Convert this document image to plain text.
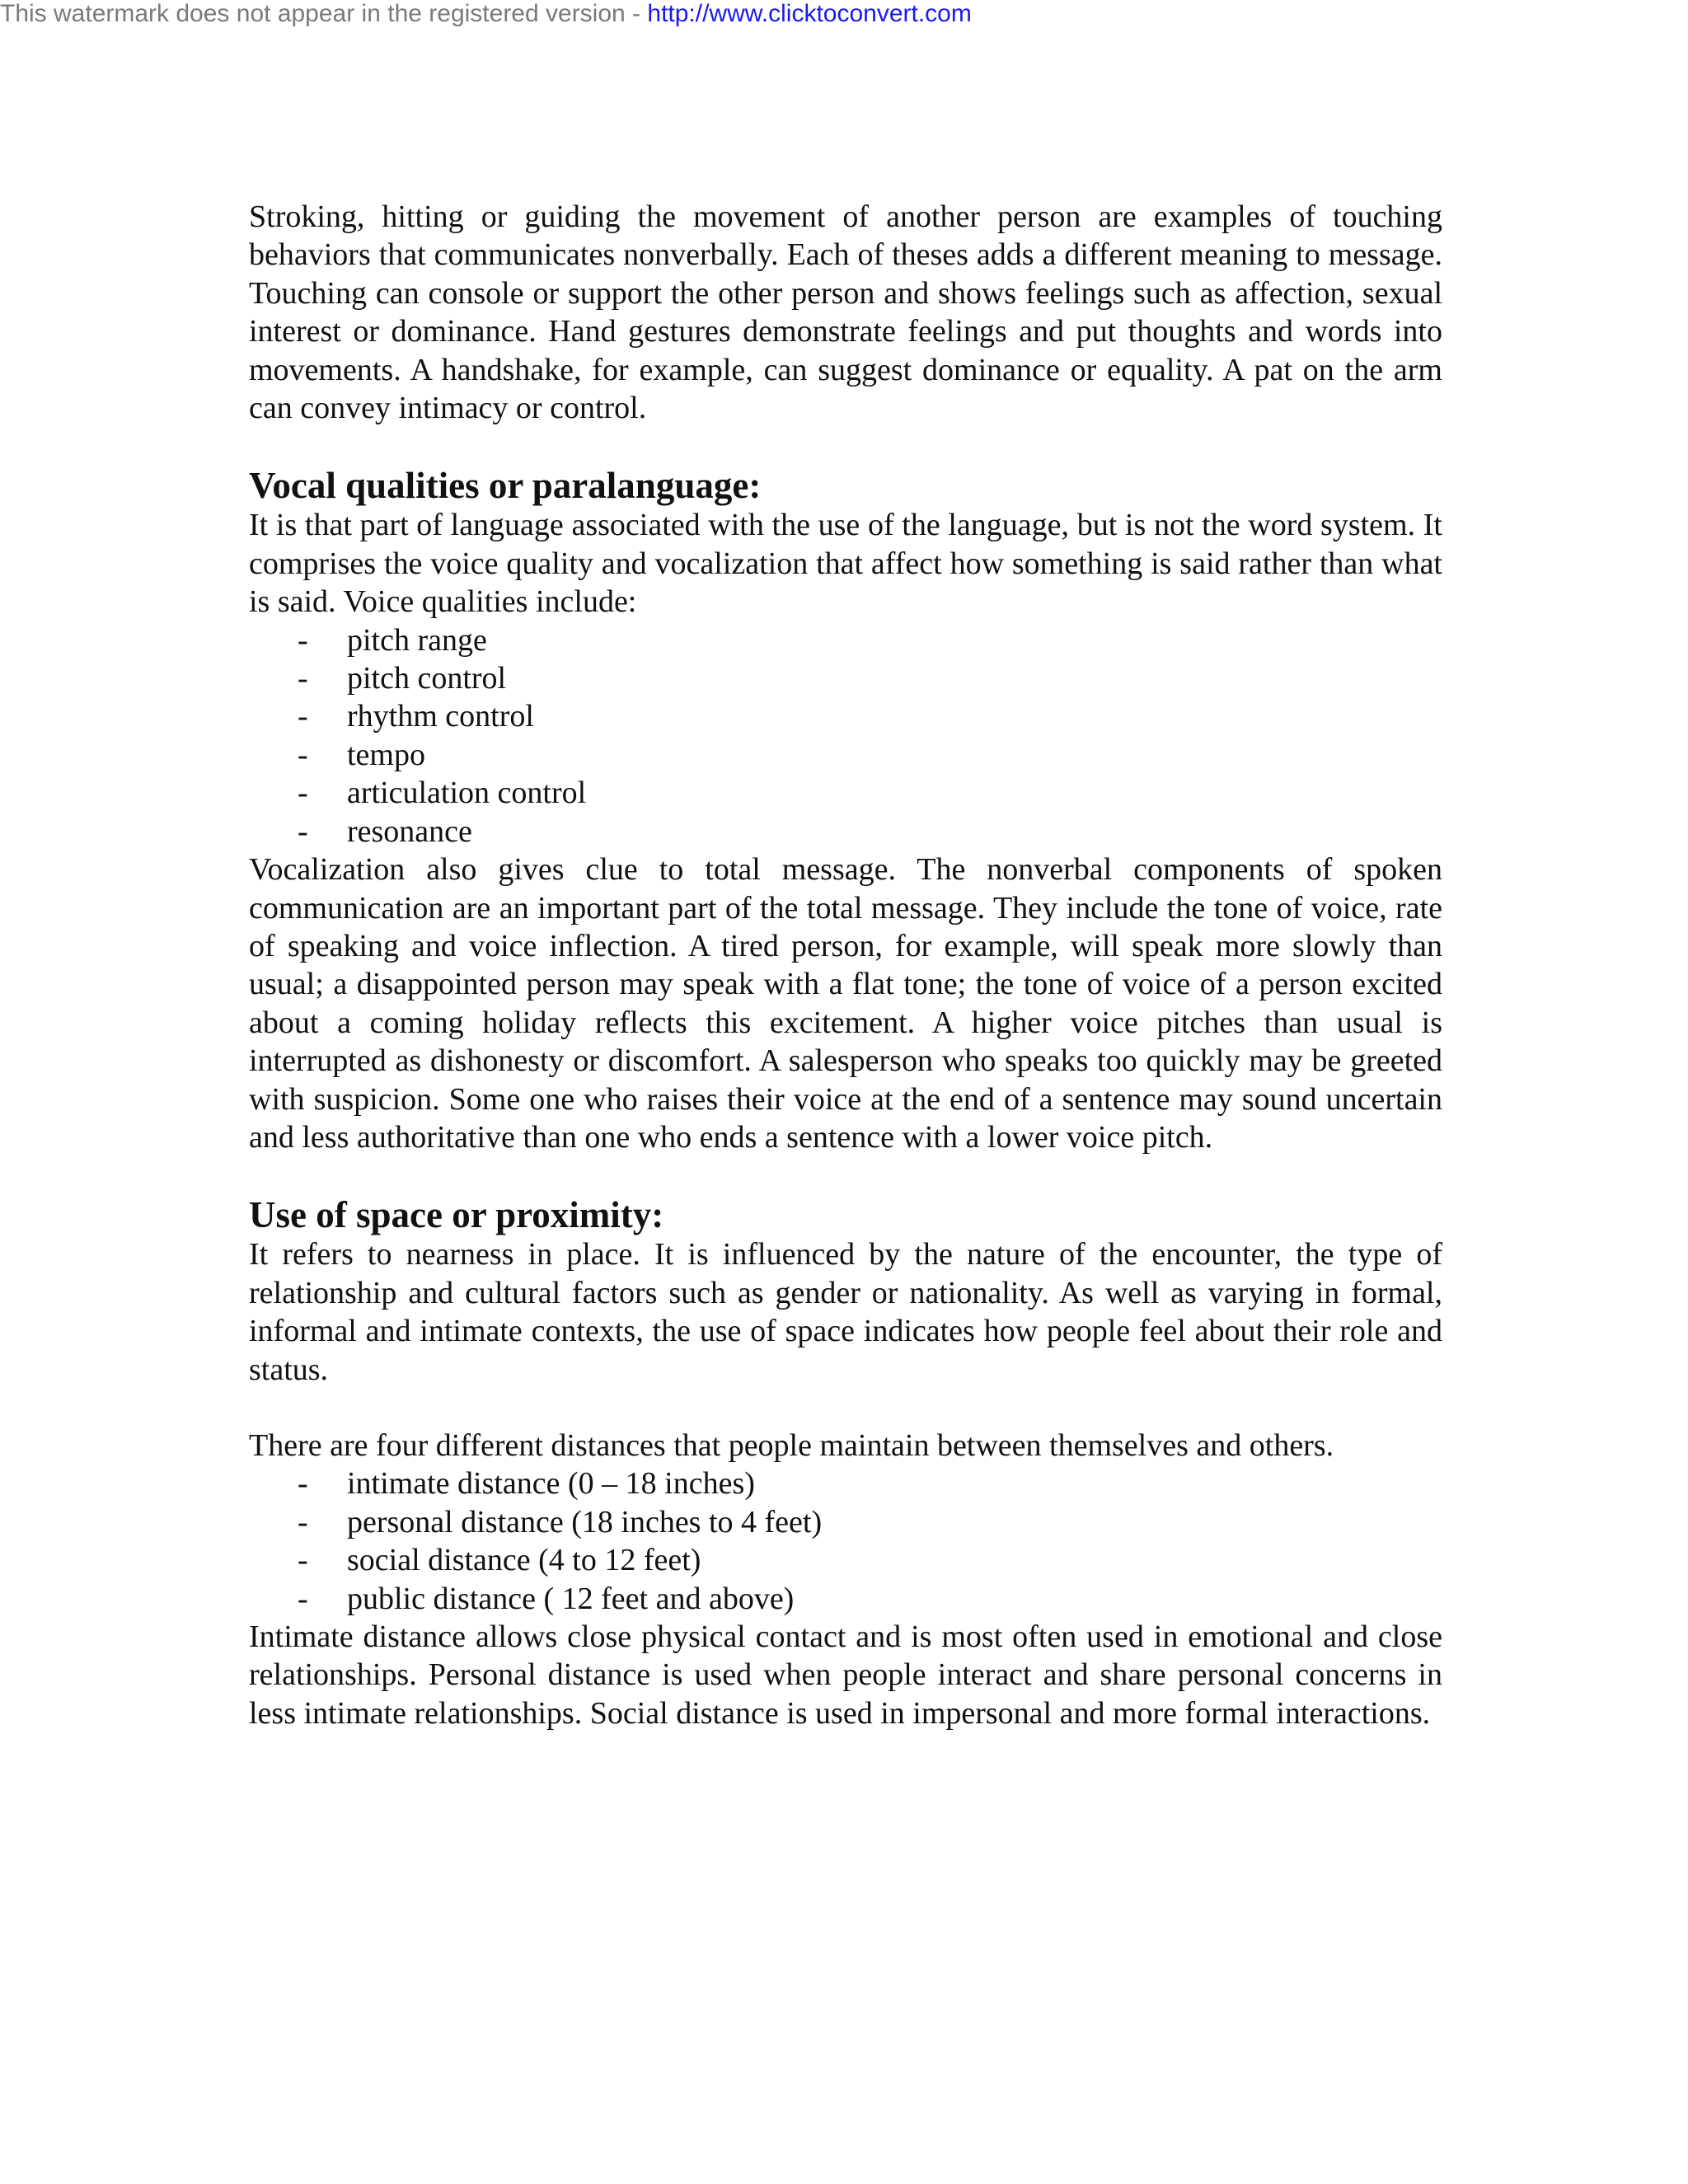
This watermark does not appear in the registered version - http://www.clicktoconvert.com

Stroking, hitting or guiding the movement of another person are examples of touching behaviors that communicates nonverbally. Each of theses adds a different meaning to message. Touching can console or support the other person and shows feelings such as affection, sexual interest or dominance. Hand gestures demonstrate feelings and put thoughts and words into movements. A handshake, for example, can suggest dominance or equality. A pat on the arm can convey intimacy or control.

Vocal qualities or paralanguage:

It is that part of language associated with the use of the language, but is not the word system. It comprises the voice quality and vocalization that affect how something is said rather than what is said. Voice qualities include:

- pitch range
- pitch control
- rhythm control
- tempo
- articulation control
- resonance

Vocalization also gives clue to total message. The nonverbal components of spoken communication are an important part of the total message. They include the tone of voice, rate of speaking and voice inflection. A tired person, for example, will speak more slowly than usual; a disappointed person may speak with a flat tone; the tone of voice of a person excited about a coming holiday reflects this excitement. A higher voice pitches than usual is interrupted as dishonesty or discomfort. A salesperson who speaks too quickly may be greeted with suspicion. Some one who raises their voice at the end of a sentence may sound uncertain and less authoritative than one who ends a sentence with a lower voice pitch.

Use of space or proximity:

It refers to nearness in place. It is influenced by the nature of the encounter, the type of relationship and cultural factors such as gender or nationality. As well as varying in formal, informal and intimate contexts, the use of space indicates how people feel about their role and status.

There are four different distances that people maintain between themselves and others.

- intimate distance (0 – 18 inches)
- personal distance (18 inches to 4 feet)
- social distance (4 to 12 feet)
- public distance ( 12 feet and above)

Intimate distance allows close physical contact and is most often used in emotional and close relationships. Personal distance is used when people interact and share personal concerns in less intimate relationships. Social distance is used in impersonal and more formal interactions.
